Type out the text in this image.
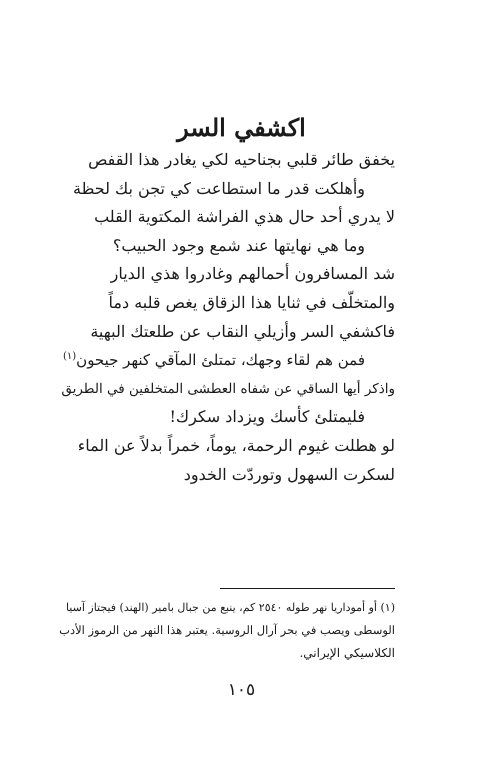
اكشفي السر
يخفق طائر قلبي بجناحيه لكي يغادر هذا القفص
وأهلكت قدر ما استطاعت كي تجن بك لحظة
لا يدري أحد حال هذي الفراشة المكتوية القلب
وما هي نهايتها عند شمع وجود الحبيب؟
شد المسافرون أحمالهم وغادروا هذي الديار
والمتخلّف في ثنايا هذا الزقاق يغص قلبه دماً
فاكشفي السر وأزيلي النقاب عن طلعتك البهية
فمن هم لقاء وجهك، تمتلئ المآقي كنهر جيحون$^{(١)}$
واذكر أيها الساقي عن شفاه العطشى المتخلفين في الطريق
فليمتلئ كأسك ويزداد سكرك!
لو هطلت غيوم الرحمة، يوماً، خمراً بدلاً عن الماء
لسكرت السهول وتوردّت الخدود
(١) أو أموداريا نهر طوله ٢٥٤٠ كم، ينبع من جبال بامير (الهند) فيجتاز آسيا
الوسطى ويصب في بحر آرال الروسية. يعتبر هذا النهر من الرموز الأدب
الكلاسيكي الإيراني.
١٠٥
